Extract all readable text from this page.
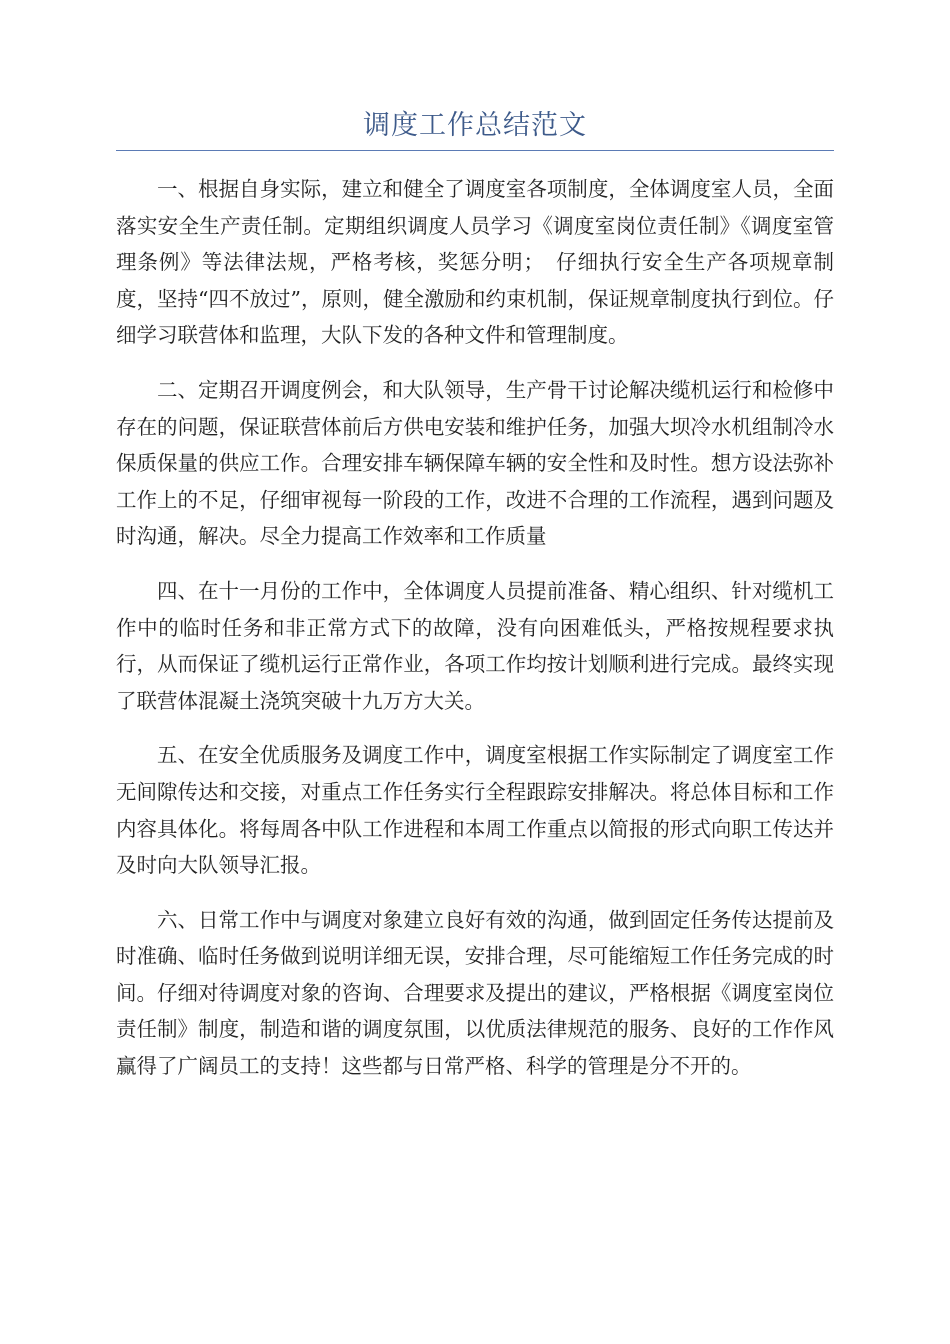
调度工作总结范文

一、根据自身实际，建立和健全了调度室各项制度，全体调度室人员，全面落实安全生产责任制。定期组织调度人员学习《调度室岗位责任制》《调度室管理条例》等法律法规，严格考核，奖惩分明；　仔细执行安全生产各项规章制度，坚持“四不放过”，原则，健全激励和约束机制，保证规章制度执行到位。仔细学习联营体和监理，大队下发的各种文件和管理制度。

二、定期召开调度例会，和大队领导，生产骨干讨论解决缆机运行和检修中存在的问题，保证联营体前后方供电安装和维护任务，加强大坝冷水机组制冷水保质保量的供应工作。合理安排车辆保障车辆的安全性和及时性。想方设法弥补工作上的不足，仔细审视每一阶段的工作，改进不合理的工作流程，遇到问题及时沟通，解决。尽全力提高工作效率和工作质量

四、在十一月份的工作中，全体调度人员提前准备、精心组织、针对缆机工作中的临时任务和非正常方式下的故障，没有向困难低头，严格按规程要求执行，从而保证了缆机运行正常作业，各项工作均按计划顺利进行完成。最终实现了联营体混凝土浇筑突破十九万方大关。

五、在安全优质服务及调度工作中，调度室根据工作实际制定了调度室工作无间隙传达和交接，对重点工作任务实行全程跟踪安排解决。将总体目标和工作内容具体化。将每周各中队工作进程和本周工作重点以简报的形式向职工传达并及时向大队领导汇报。

六、日常工作中与调度对象建立良好有效的沟通，做到固定任务传达提前及时准确、临时任务做到说明详细无误，安排合理，尽可能缩短工作任务完成的时间。仔细对待调度对象的咨询、合理要求及提出的建议，严格根据《调度室岗位责任制》制度，制造和谐的调度氛围，以优质法律规范的服务、良好的工作作风赢得了广阔员工的支持！这些都与日常严格、科学的管理是分不开的。
